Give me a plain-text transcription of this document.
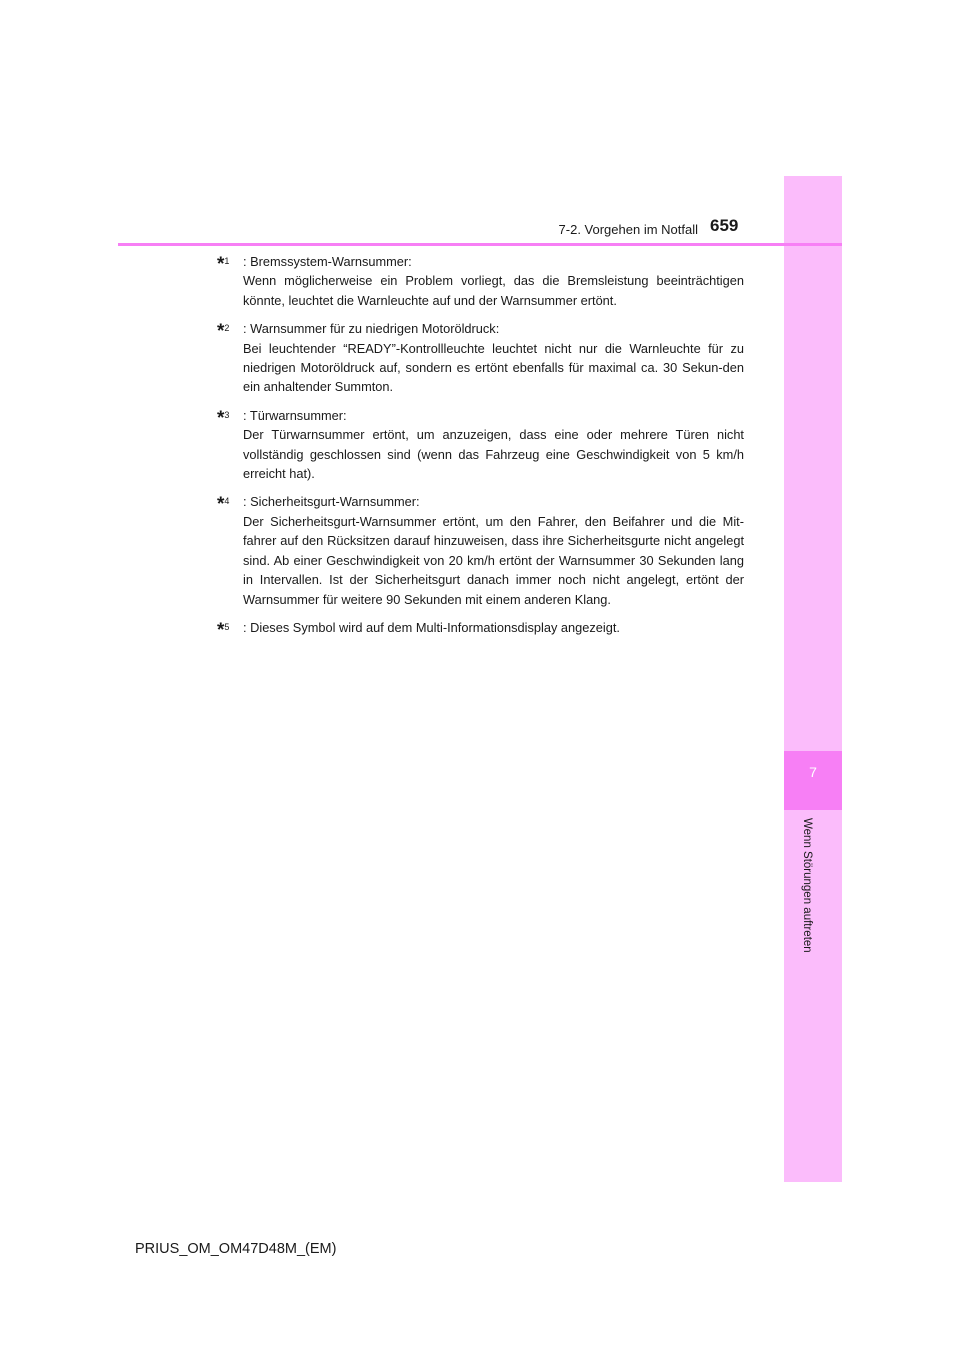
7
Wenn Störungen auftreten
7-2. Vorgehen im Notfall 659
*$^1$ : Bremssystem-Warnsummer:
Wenn möglicherweise ein Problem vorliegt, das die Bremsleistung beeinträchtigen könnte, leuchtet die Warnleuchte auf und der Warnsummer ertönt.
*$^2$ : Warnsummer für zu niedrigen Motoröldruck:
Bei leuchtender “READY”-Kontrollleuchte leuchtet nicht nur die Warnleuchte für zu niedrigen Motoröldruck auf, sondern es ertönt ebenfalls für maximal ca. 30 Sekun-den ein anhaltender Summton.
*$^3$ : Türwarnsummer:
Der Türwarnsummer ertönt, um anzuzeigen, dass eine oder mehrere Türen nicht vollständig geschlossen sind (wenn das Fahrzeug eine Geschwindigkeit von 5 km/h erreicht hat).
*$^4$ : Sicherheitsgurt-Warnsummer:
Der Sicherheitsgurt-Warnsummer ertönt, um den Fahrer, den Beifahrer und die Mit-fahrer auf den Rücksitzen darauf hinzuweisen, dass ihre Sicherheitsgurte nicht angelegt sind. Ab einer Geschwindigkeit von 20 km/h ertönt der Warnsummer 30 Sekunden lang in Intervallen. Ist der Sicherheitsgurt danach immer noch nicht angelegt, ertönt der Warnsummer für weitere 90 Sekunden mit einem anderen Klang.
*$^5$ : Dieses Symbol wird auf dem Multi-Informationsdisplay angezeigt.
PRIUS_OM_OM47D48M_(EM)
